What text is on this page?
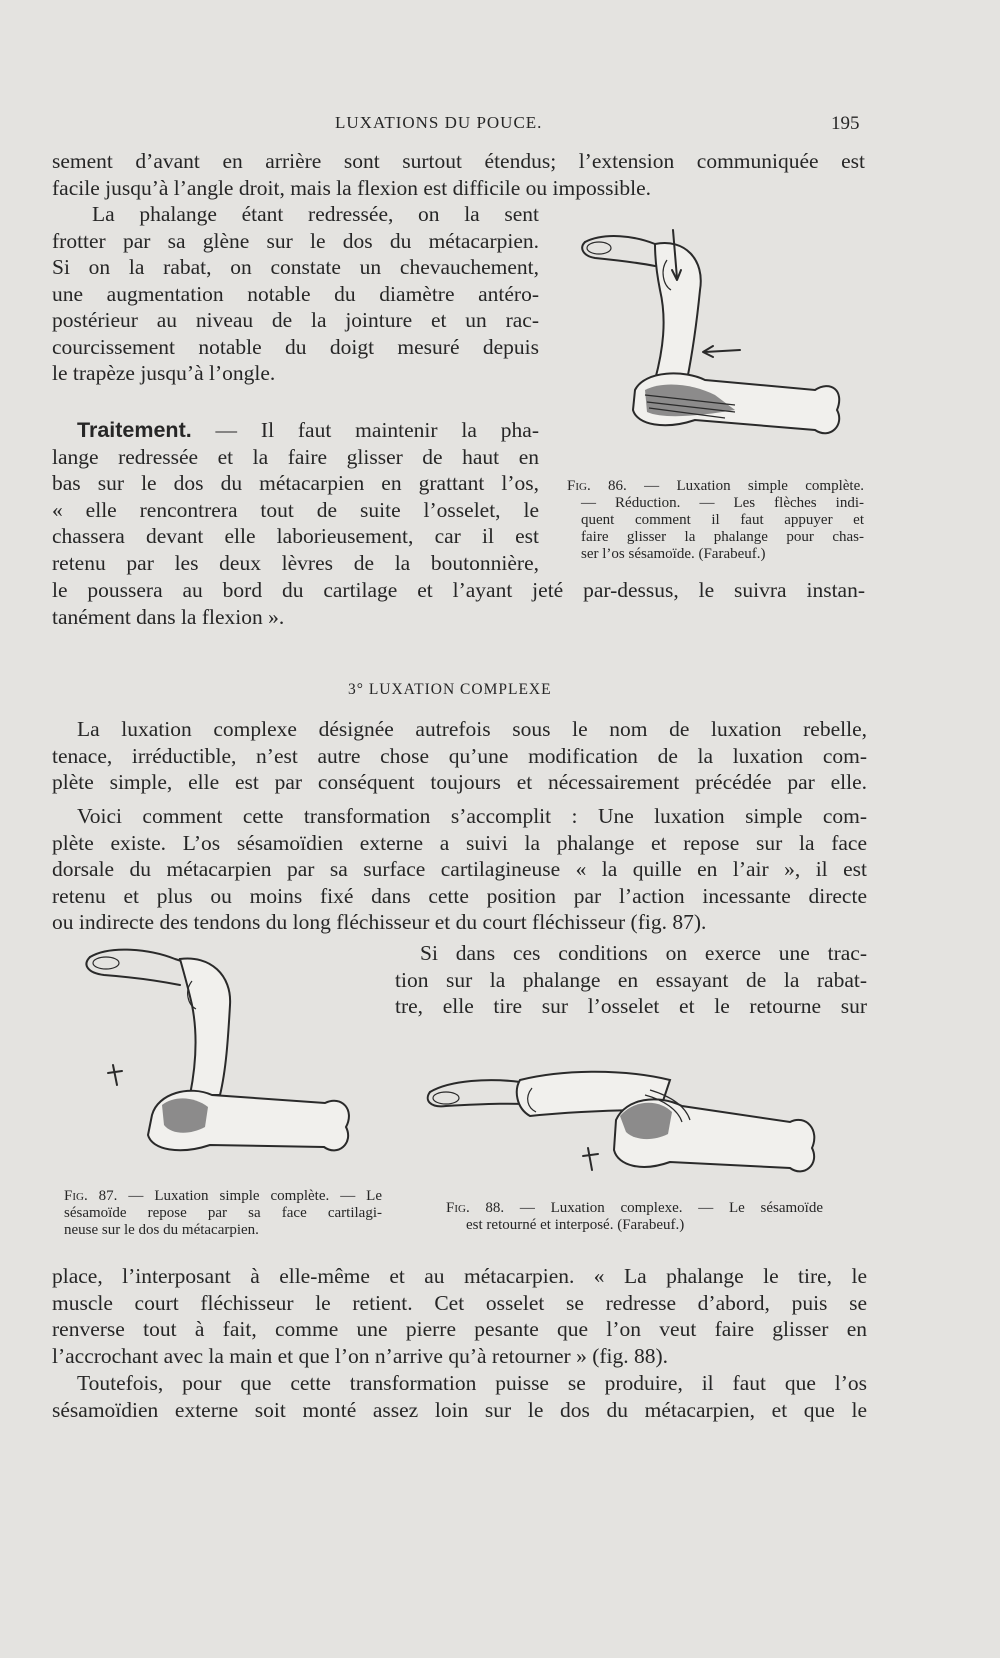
LUXATIONS DU POUCE.	195
sement d’avant en arrière sont surtout étendus; l’extension communiquée est
facile jusqu’à l’angle droit, mais la flexion est difficile ou impossible.
La phalange étant redressée, on la sent
frotter par sa glène sur le dos du métacarpien.
Si on la rabat, on constate un chevauchement,
une augmentation notable du diamètre antéro-
postérieur au niveau de la jointure et un rac-
courcissement notable du doigt mesuré depuis
le trapèze jusqu’à l’ongle.
Traitement. — Il faut maintenir la pha-
lange redressée et la faire glisser de haut en
bas sur le dos du métacarpien en grattant l’os,
« elle rencontrera tout de suite l’osselet, le
chassera devant elle laborieusement, car il est
retenu par les deux lèvres de la boutonnière,
le poussera au bord du cartilage et l’ayant jeté par-dessus, le suivra instan-
tanément dans la flexion ».
Fig. 86. — Luxation simple complète.
— Réduction. — Les flèches indi-
quent comment il faut appuyer et
faire glisser la phalange pour chas-
ser l’os sésamoïde. (Farabeuf.)
3° LUXATION COMPLEXE
La luxation complexe désignée autrefois sous le nom de luxation rebelle,
tenace, irréductible, n’est autre chose qu’une modification de la luxation com-
plète simple, elle est par conséquent toujours et nécessairement précédée par elle.
Voici comment cette transformation s’accomplit : Une luxation simple com-
plète existe. L’os sésamoïdien externe a suivi la phalange et repose sur la face
dorsale du métacarpien par sa surface cartilagineuse « la quille en l’air », il est
retenu et plus ou moins fixé dans cette position par l’action incessante directe
ou indirecte des tendons du long fléchisseur et du court fléchisseur (fig. 87).
Si dans ces conditions on exerce une trac-
tion sur la phalange en essayant de la rabat-
tre, elle tire sur l’osselet et le retourne sur
Fig. 87. — Luxation simple complète. — Le
sésamoïde repose par sa face cartilagi-
neuse sur le dos du métacarpien.
Fig. 88. — Luxation complexe. — Le sésamoïde
est retourné et interposé. (Farabeuf.)
place, l’interposant à elle-même et au métacarpien. « La phalange le tire, le
muscle court fléchisseur le retient. Cet osselet se redresse d’abord, puis se
renverse tout à fait, comme une pierre pesante que l’on veut faire glisser en
l’accrochant avec la main et que l’on n’arrive qu’à retourner » (fig. 88).
Toutefois, pour que cette transformation puisse se produire, il faut que l’os
sésamoïdien externe soit monté assez loin sur le dos du métacarpien, et que le
